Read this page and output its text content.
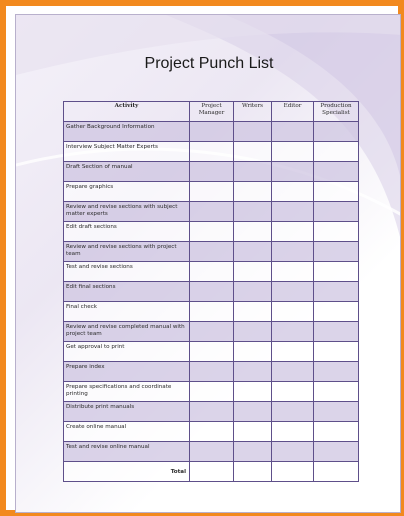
Project Punch List
Activity	Project Manager	Writers	Editor	Production Specialist
Gather Background Information				
Interview Subject Matter Experts				
Draft Section of manual				
Prepare graphics				
Review and revise sections with subject matter experts				
Edit draft sections				
Review and revise sections with project team				
Test and revise sections				
Edit final sections				
Final check				
Review and revise completed manual with project team				
Get approval to print				
Prepare index				
Prepare specifications and coordinate printing				
Distribute print manuals				
Create online manual				
Test and revise online manual				
Total				
